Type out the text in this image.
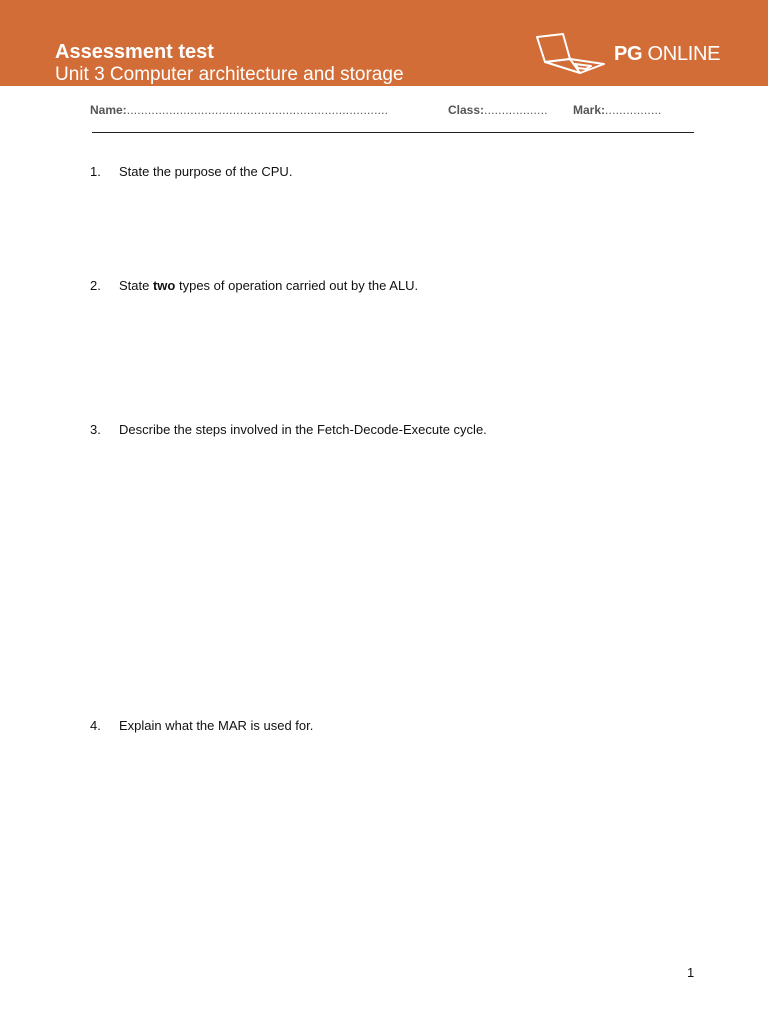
Assessment test
Unit 3 Computer architecture and storage
PG ONLINE
Name:..........................................................................	Class:.................. Mark:................
1. State the purpose of the CPU.
2. State two types of operation carried out by the ALU.
3. Describe the steps involved in the Fetch-Decode-Execute cycle.
4. Explain what the MAR is used for.
1
